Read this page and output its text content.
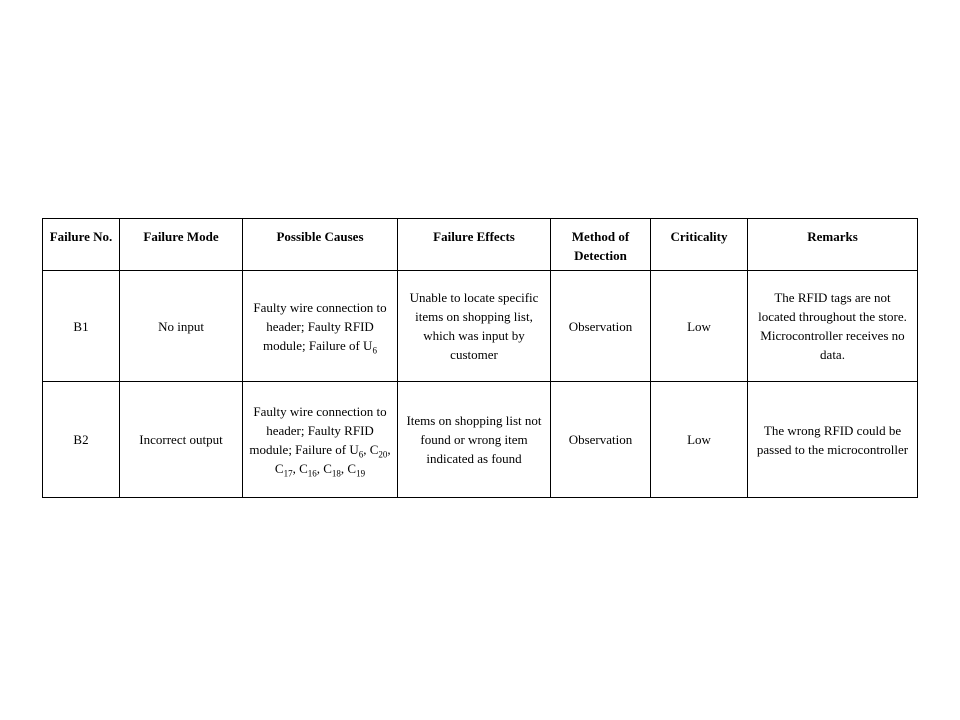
Failure No.	Failure Mode	Possible Causes	Failure Effects	Method of Detection	Criticality	Remarks
B1	No input	Faulty wire connection to header; Faulty RFID module; Failure of $U_6$	Unable to locate specific items on shopping list, which was input by customer	Observation	Low	The RFID tags are not located throughout the store. Microcontroller receives no data.
B2	Incorrect output	Faulty wire connection to header; Faulty RFID module; Failure of $U_6$, $C_{20}$, $C_{17}$, $C_{16}$, $C_{18}$, $C_{19}$	Items on shopping list not found or wrong item indicated as found	Observation	Low	The wrong RFID could be passed to the microcontroller
